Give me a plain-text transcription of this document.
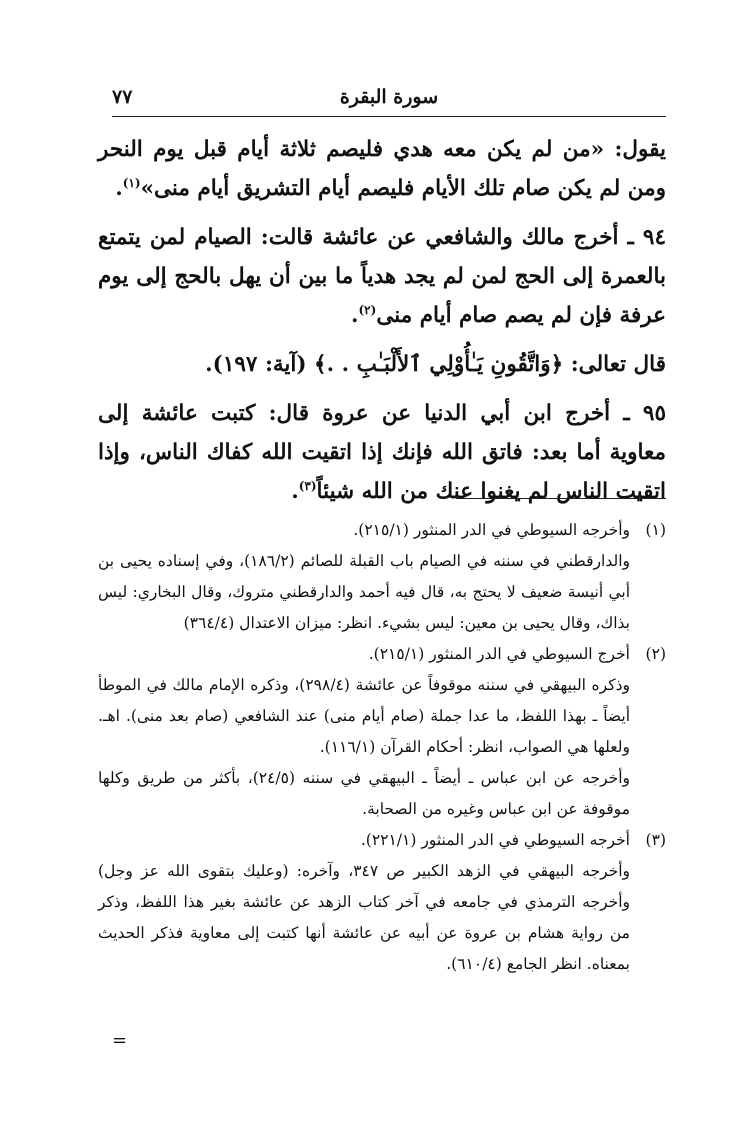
سورة البقرة
٧٧

يقول: «من لم يكن معه هدي فليصم ثلاثة أيام قبل يوم النحر ومن لم يكن صام تلك الأيام فليصم أيام التشريق أيام منى»$^{(١)}$.

٩٤ ـ أخرج مالك والشافعي عن عائشة قالت: الصيام لمن يتمتع بالعمرة إلى الحج لمن لم يجد هدياً ما بين أن يهل بالحج إلى يوم عرفة فإن لم يصم صام أيام منى$^{(٢)}$.

قال تعالى: ﴿وَاتَّقُونِ يَـٰأُوْلِي ٱلأَلْبَـٰبِ . .﴾ (آية: ١٩٧).

٩٥ ـ أخرج ابن أبي الدنيا عن عروة قال: كتبت عائشة إلى معاوية أما بعد: فاتق الله فإنك إذا اتقيت الله كفاك الناس، وإذا اتقيت الناس لم يغنوا عنك من الله شيئاً$^{(٣)}$.

(١)
وأخرجه السيوطي في الدر المنثور (٢١٥/١).

والدارقطني في سننه في الصيام باب القبلة للصائم (١٨٦/٢)، وفي إسناده يحيى بن أبي أنيسة ضعيف لا يحتج به، قال فيه أحمد والدارقطني متروك، وقال البخاري: ليس بذاك، وقال يحيى بن معين: ليس بشيء. انظر: ميزان الاعتدال (٣٦٤/٤)

(٢)
أخرج السيوطي في الدر المنثور (٢١٥/١).

وذكره البيهقي في سننه موقوفاً عن عائشة (٢٩٨/٤)، وذكره الإمام مالك في الموطأ أيضاً ـ بهذا اللفظ، ما عدا جملة (صام أيام منى) عند الشافعي (صام بعد منى). اهـ. ولعلها هي الصواب، انظر: أحكام القرآن (١١٦/١).

وأخرجه عن ابن عباس ـ أيضاً ـ البيهقي في سننه (٢٤/٥)، بأكثر من طريق وكلها موقوفة عن ابن عباس وغيره من الصحابة.

(٣)
أخرجه السيوطي في الدر المنثور (٢٢١/١).

وأخرجه البيهقي في الزهد الكبير ص ٣٤٧، وآخره: (وعليك بتقوى الله عز وجل) وأخرجه الترمذي في جامعه في آخر كتاب الزهد عن عائشة بغير هذا اللفظ، وذكر من رواية هشام بن عروة عن أبيه عن عائشة أنها كتبت إلى معاوية فذكر الحديث بمعناه. انظر الجامع (٦١٠/٤).

=
